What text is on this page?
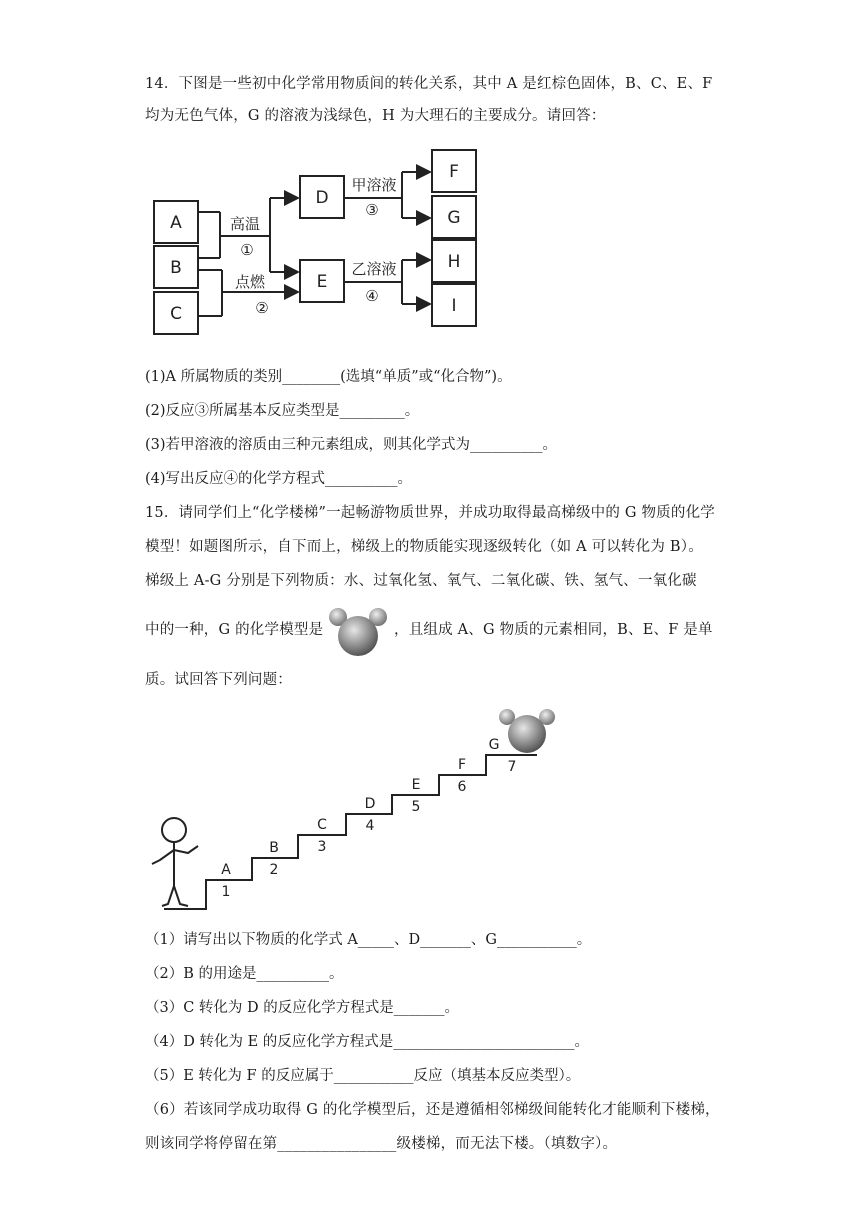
14．下图是一些初中化学常用物质间的转化关系，其中 A 是红棕色固体，B、C、E、F
均为无色气体，G 的溶液为浅绿色，H 为大理石的主要成分。请回答：
A
B
C
D
E
F
G
H
I
高温
①
点燃
②
甲溶液
③
乙溶液
④
(1)A 所属物质的类别________(选填“单质”或“化合物”)。
(2)反应③所属基本反应类型是_________。
(3)若甲溶液的溶质由三种元素组成，则其化学式为__________。
(4)写出反应④的化学方程式__________。
15．请同学们上“化学楼梯”一起畅游物质世界，并成功取得最高梯级中的 G 物质的化学
模型！如题图所示，自下而上，梯级上的物质能实现逐级转化（如 A 可以转化为 B）。
梯级上 A-G 分别是下列物质：水、过氧化氢、氧气、二氧化碳、铁、氢气、一氧化碳
中的一种，G 的化学模型是	，且组成 A、G 物质的元素相同，B、E、F 是单
质。试回答下列问题：
A
1
B
2
C
3
D
4
E
5
F
6
G
7
（1）请写出以下物质的化学式 A_____、D_______、G___________。
（2）B 的用途是__________。
（3）C 转化为 D 的反应化学方程式是_______。
（4）D 转化为 E 的反应化学方程式是_________________________。
（5）E 转化为 F 的反应属于___________反应（填基本反应类型）。
（6）若该同学成功取得 G 的化学模型后，还是遵循相邻梯级间能转化才能顺利下楼梯，
则该同学将停留在第________________级楼梯，而无法下楼。（填数字）。
